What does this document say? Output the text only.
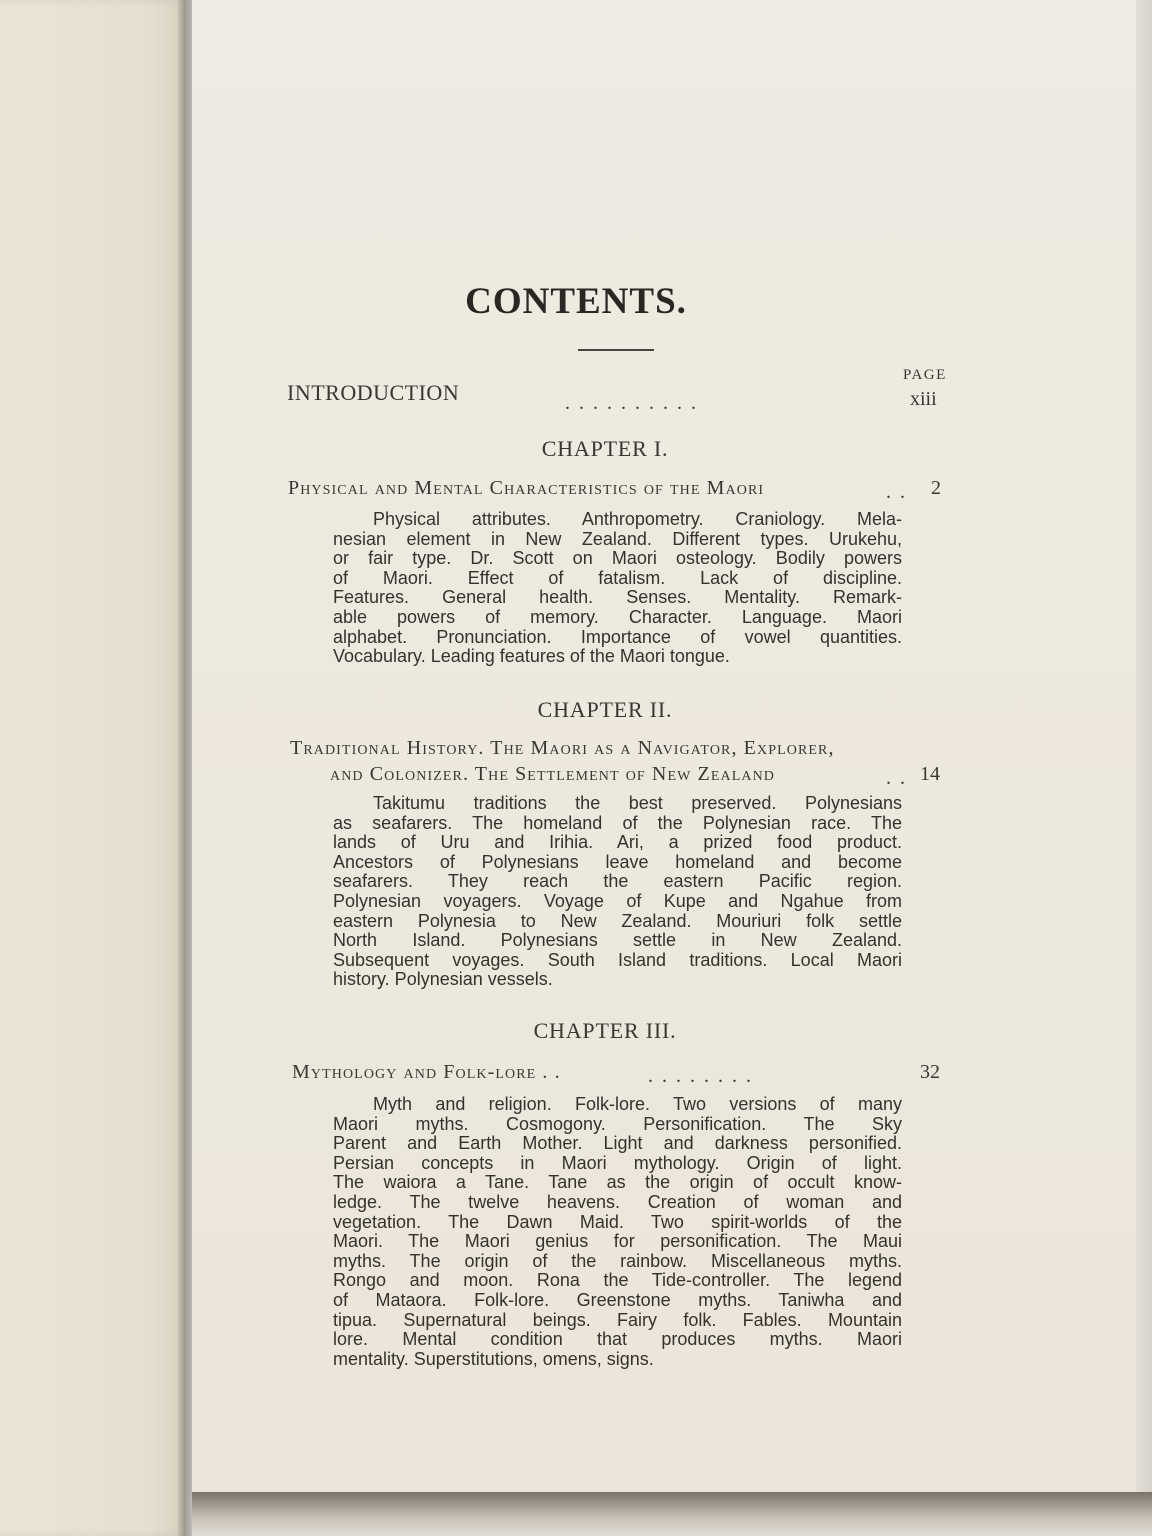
CONTENTS.
PAGE
INTRODUCTION	. . . . . . . . . .	xiii
CHAPTER I.
Physical and Mental Characteristics of the Maori	. . 2
Physical attributes. Anthropometry. Craniology. Mela-
nesian element in New Zealand. Different types. Urukehu,
or fair type. Dr. Scott on Maori osteology. Bodily powers
of Maori. Effect of fatalism. Lack of discipline.
Features. General health. Senses. Mentality. Remark-
able powers of memory. Character. Language. Maori
alphabet. Pronunciation. Importance of vowel quantities.
Vocabulary. Leading features of the Maori tongue.
CHAPTER II.
Traditional History. The Maori as a Navigator, Explorer,
and Colonizer. The Settlement of New Zealand	. . 14
Takitumu traditions the best preserved. Polynesians
as seafarers. The homeland of the Polynesian race. The
lands of Uru and Irihia. Ari, a prized food product.
Ancestors of Polynesians leave homeland and become
seafarers. They reach the eastern Pacific region.
Polynesian voyagers. Voyage of Kupe and Ngahue from
eastern Polynesia to New Zealand. Mouriuri folk settle
North Island. Polynesians settle in New Zealand.
Subsequent voyages. South Island traditions. Local Maori
history. Polynesian vessels.
CHAPTER III.
Mythology and Folk-lore . .	. . . . . . . .	32
Myth and religion. Folk-lore. Two versions of many
Maori myths. Cosmogony. Personification. The Sky
Parent and Earth Mother. Light and darkness personified.
Persian concepts in Maori mythology. Origin of light.
The waiora a Tane. Tane as the origin of occult know-
ledge. The twelve heavens. Creation of woman and
vegetation. The Dawn Maid. Two spirit-worlds of the
Maori. The Maori genius for personification. The Maui
myths. The origin of the rainbow. Miscellaneous myths.
Rongo and moon. Rona the Tide-controller. The legend
of Mataora. Folk-lore. Greenstone myths. Taniwha and
tipua. Supernatural beings. Fairy folk. Fables. Mountain
lore. Mental condition that produces myths. Maori
mentality. Superstitutions, omens, signs.
